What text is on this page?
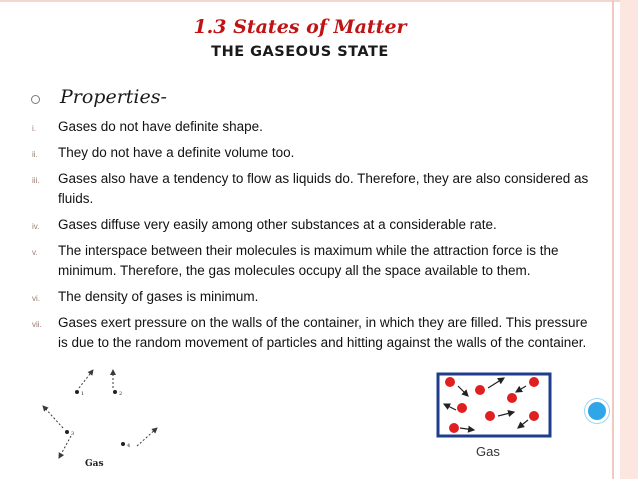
1.3 States of Matter
THE GASEOUS STATE
Properties-
i. Gases do not have definite shape.
ii. They do not have a definite volume too.
iii. Gases also have a tendency to flow as liquids do. Therefore, they are also considered as fluids.
iv. Gases diffuse very easily among other substances at a considerable rate.
v. The interspace between their molecules is maximum while the attraction force is the minimum. Therefore, the gas molecules occupy all the space available to them.
vi. The density of gases is minimum.
vii. Gases exert pressure on the walls of the container, in which they are filled. This pressure is due to the random movement of particles and hitting against the walls of the container.
1	2
3
4
Gas
Gas
